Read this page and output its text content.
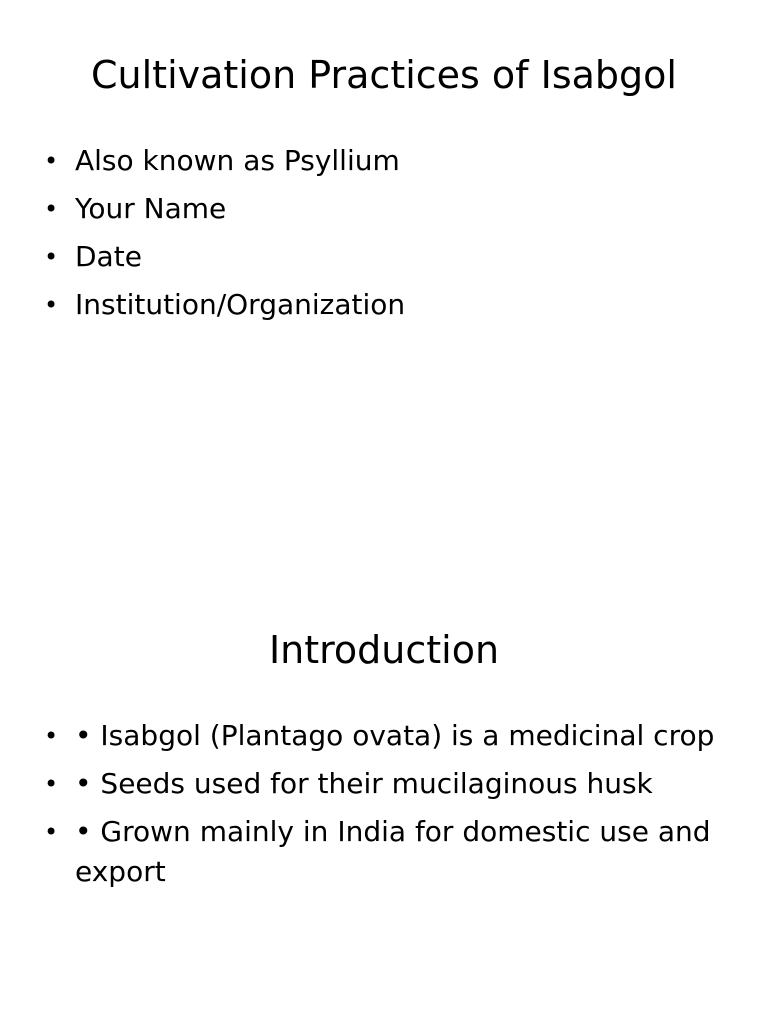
Cultivation Practices of Isabgol
• Also known as Psyllium
• Your Name
• Date
• Institution/Organization
Introduction
• • Isabgol (Plantago ovata) is a medicinal crop
• • Seeds used for their mucilaginous husk
• • Grown mainly in India for domestic use and export
